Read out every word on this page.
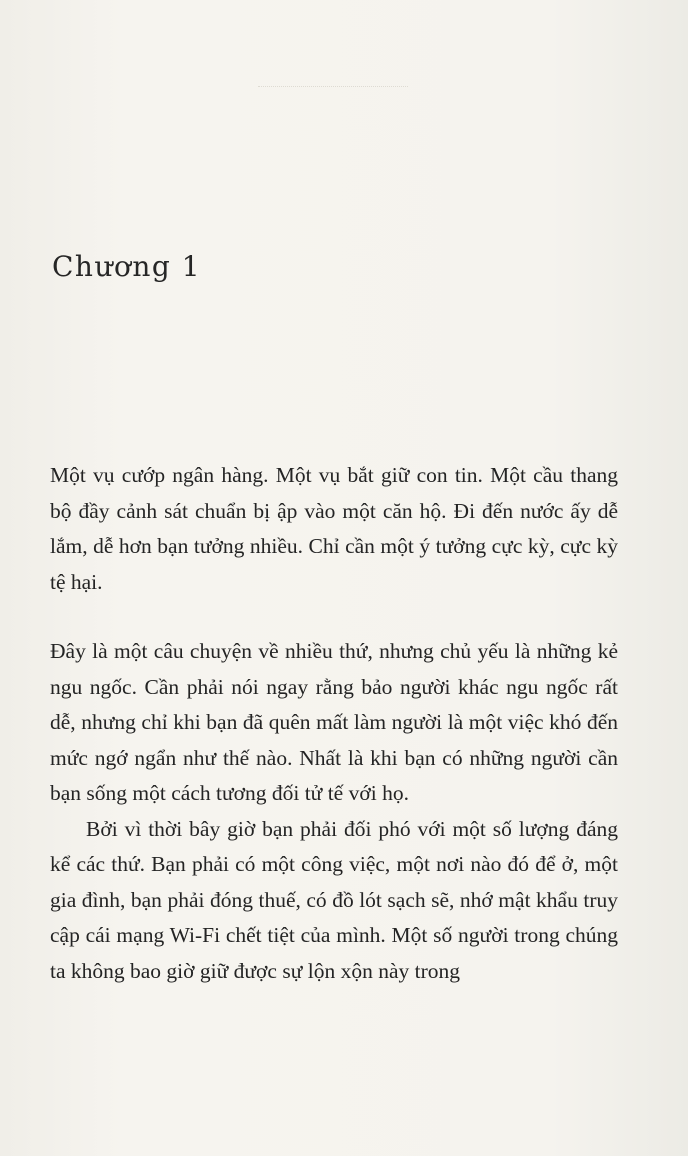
Chương 1

Một vụ cướp ngân hàng. Một vụ bắt giữ con tin. Một cầu thang bộ đầy cảnh sát chuẩn bị ập vào một căn hộ. Đi đến nước ấy dễ lắm, dễ hơn bạn tưởng nhiều. Chỉ cần một ý tưởng cực kỳ, cực kỳ tệ hại.

Đây là một câu chuyện về nhiều thứ, nhưng chủ yếu là những kẻ ngu ngốc. Cần phải nói ngay rằng bảo người khác ngu ngốc rất dễ, nhưng chỉ khi bạn đã quên mất làm người là một việc khó đến mức ngớ ngẩn như thế nào. Nhất là khi bạn có những người cần bạn sống một cách tương đối tử tế với họ.

Bởi vì thời bây giờ bạn phải đối phó với một số lượng đáng kể các thứ. Bạn phải có một công việc, một nơi nào đó để ở, một gia đình, bạn phải đóng thuế, có đồ lót sạch sẽ, nhớ mật khẩu truy cập cái mạng Wi-Fi chết tiệt của mình. Một số người trong chúng ta không bao giờ giữ được sự lộn xộn này trong
